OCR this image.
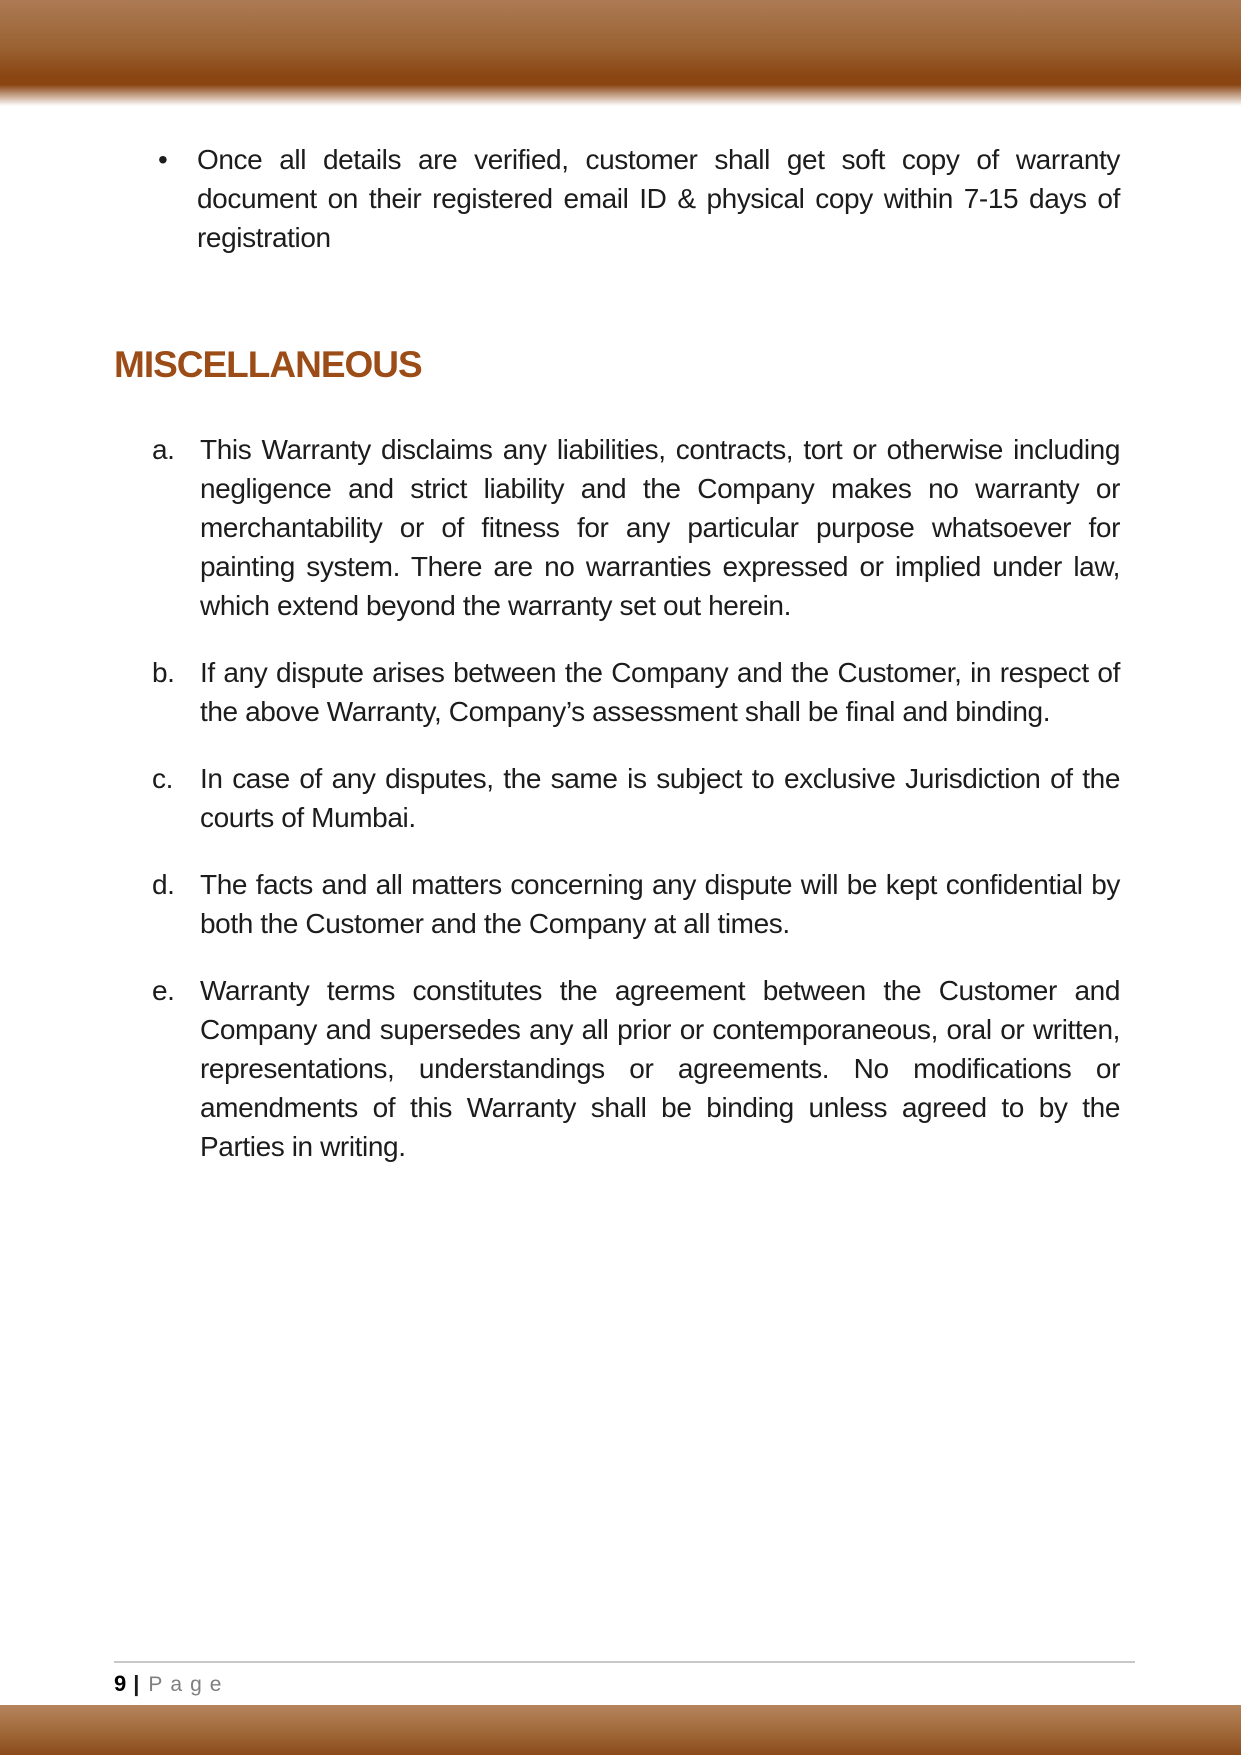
•	Once all details are verified, customer shall get soft copy of warranty document on their registered email ID & physical copy within 7-15 days of registration
MISCELLANEOUS
a. This Warranty disclaims any liabilities, contracts, tort or otherwise including negligence and strict liability and the Company makes no warranty or merchantability or of fitness for any particular purpose whatsoever for painting system. There are no warranties expressed or implied under law, which extend beyond the warranty set out herein.
b. If any dispute arises between the Company and the Customer, in respect of the above Warranty, Company’s assessment shall be final and binding.
c. In case of any disputes, the same is subject to exclusive Jurisdiction of the courts of Mumbai.
d. The facts and all matters concerning any dispute will be kept confidential by both the Customer and the Company at all times.
e. Warranty terms constitutes the agreement between the Customer and Company and supersedes any all prior or contemporaneous, oral or written, representations, understandings or agreements. No modifications or amendments of this Warranty shall be binding unless agreed to by the Parties in writing.
9 | Page
